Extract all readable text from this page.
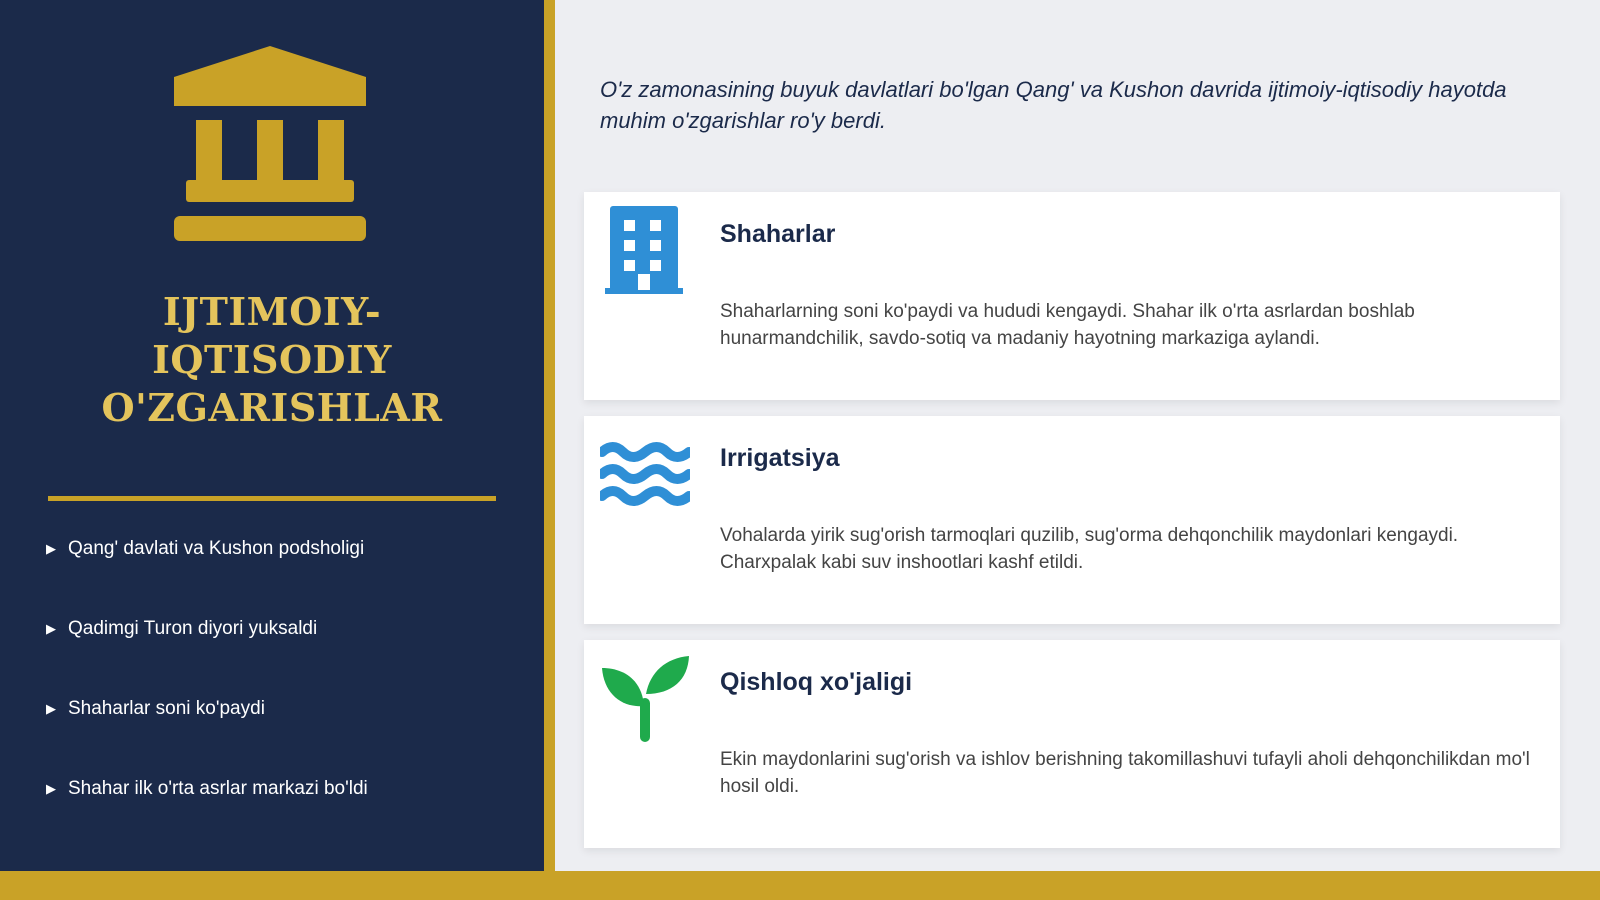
IJTIMOIY-
IQTISODIY
O'ZGARISHLAR
▶ Qang' davlati va Kushon podsholigi
▶ Qadimgi Turon diyori yuksaldi
▶ Shaharlar soni ko'paydi
▶ Shahar ilk o'rta asrlar markazi bo'ldi
O'z zamonasining buyuk davlatlari bo'lgan Qang' va Kushon davrida ijtimoiy-iqtisodiy hayotda muhim o'zgarishlar ro'y berdi.
Shaharlar
Shaharlarning soni ko'paydi va hududi kengaydi. Shahar ilk o'rta asrlardan boshlab hunarmandchilik, savdo-sotiq va madaniy hayotning markaziga aylandi.
Irrigatsiya
Vohalarda yirik sug'orish tarmoqlari quzilib, sug'orma dehqonchilik maydonlari kengaydi. Charxpalak kabi suv inshootlari kashf etildi.
Qishloq xo'jaligi
Ekin maydonlarini sug'orish va ishlov berishning takomillashuvi tufayli aholi dehqonchilikdan mo'l hosil oldi.
